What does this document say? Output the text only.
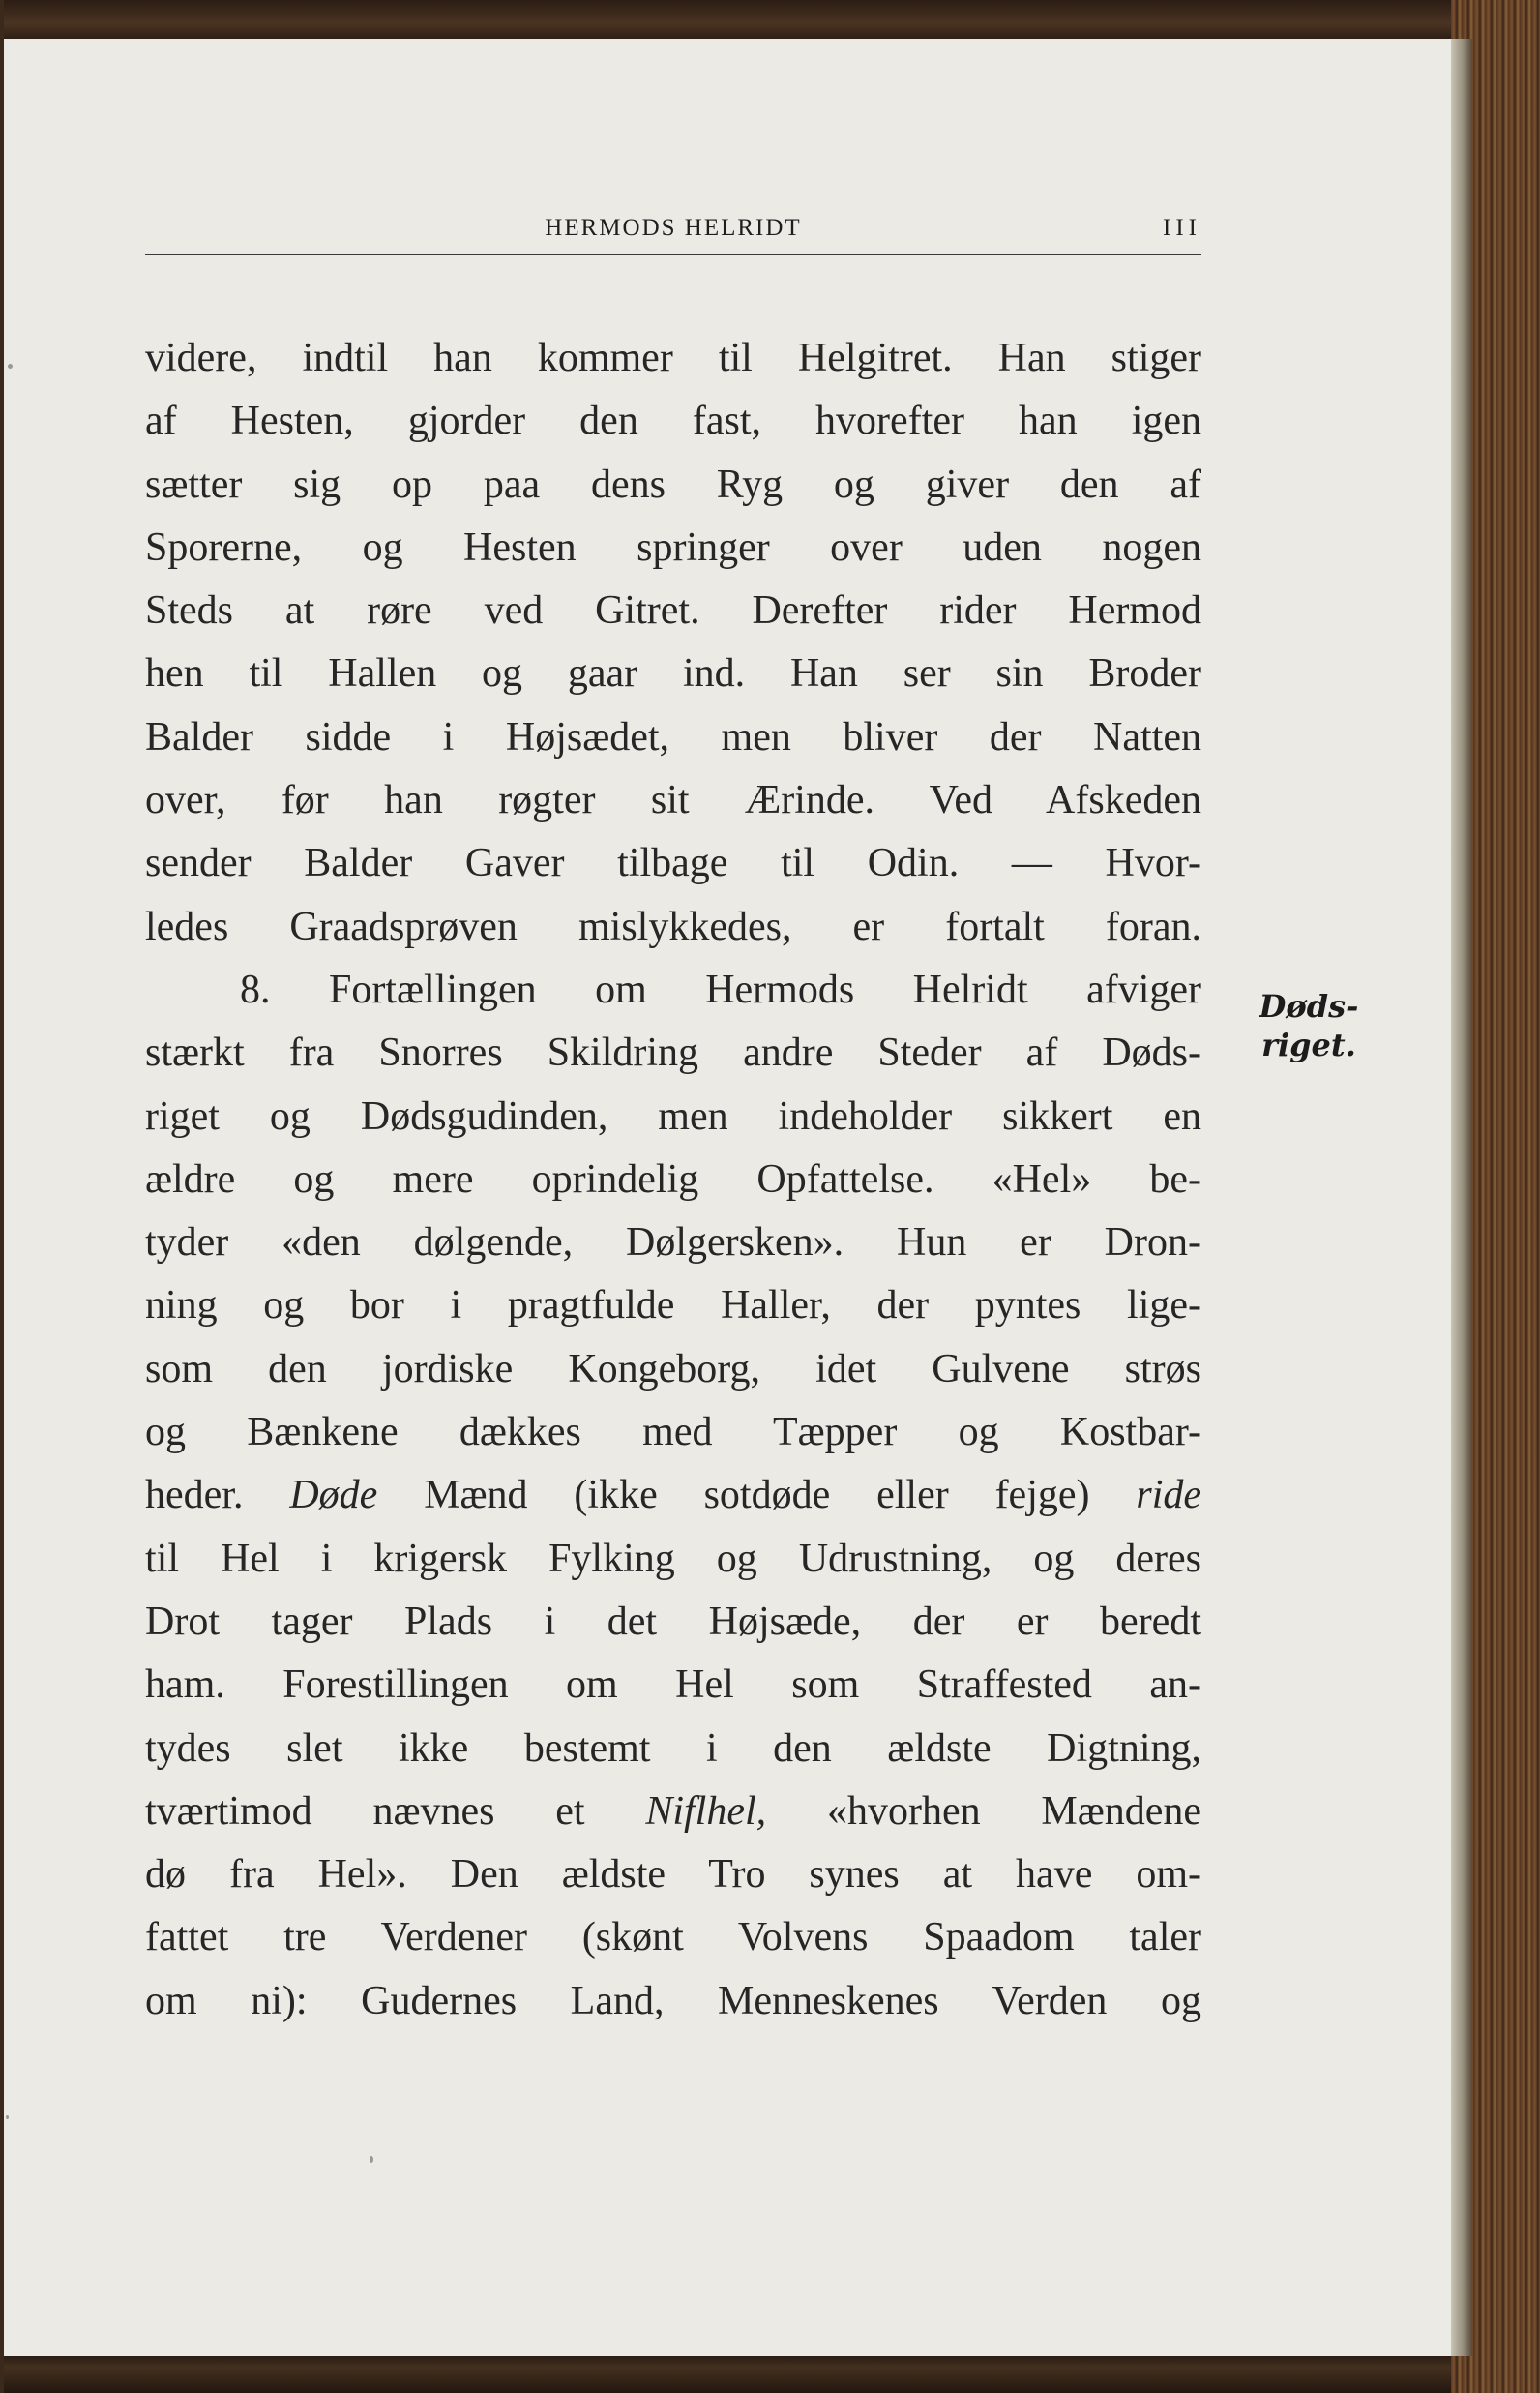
HERMODS HELRIDT	III
videre, indtil han kommer til Helgitret. Han stiger
af Hesten, gjorder den fast, hvorefter han igen
sætter sig op paa dens Ryg og giver den af
Sporerne, og Hesten springer over uden nogen
Steds at røre ved Gitret. Derefter rider Hermod
hen til Hallen og gaar ind. Han ser sin Broder
Balder sidde i Højsædet, men bliver der Natten
over, før han røgter sit Ærinde. Ved Afskeden
sender Balder Gaver tilbage til Odin. — Hvor-
ledes Graadsprøven mislykkedes, er fortalt foran.
8. Fortællingen om Hermods Helridt afviger
stærkt fra Snorres Skildring andre Steder af Døds-
riget og Dødsgudinden, men indeholder sikkert en
ældre og mere oprindelig Opfattelse. «Hel» be-
tyder «den dølgende, Dølgersken». Hun er Dron-
ning og bor i pragtfulde Haller, der pyntes lige-
som den jordiske Kongeborg, idet Gulvene strøs
og Bænkene dækkes med Tæpper og Kostbar-
heder. Døde Mænd (ikke sotdøde eller fejge) ride
til Hel i krigersk Fylking og Udrustning, og deres
Drot tager Plads i det Højsæde, der er beredt
ham. Forestillingen om Hel som Straffested an-
tydes slet ikke bestemt i den ældste Digtning,
tværtimod nævnes et Niflhel, «hvorhen Mændene
dø fra Hel». Den ældste Tro synes at have om-
fattet tre Verdener (skønt Volvens Spaadom taler
om ni): Gudernes Land, Menneskenes Verden og
Døds-
riget.
